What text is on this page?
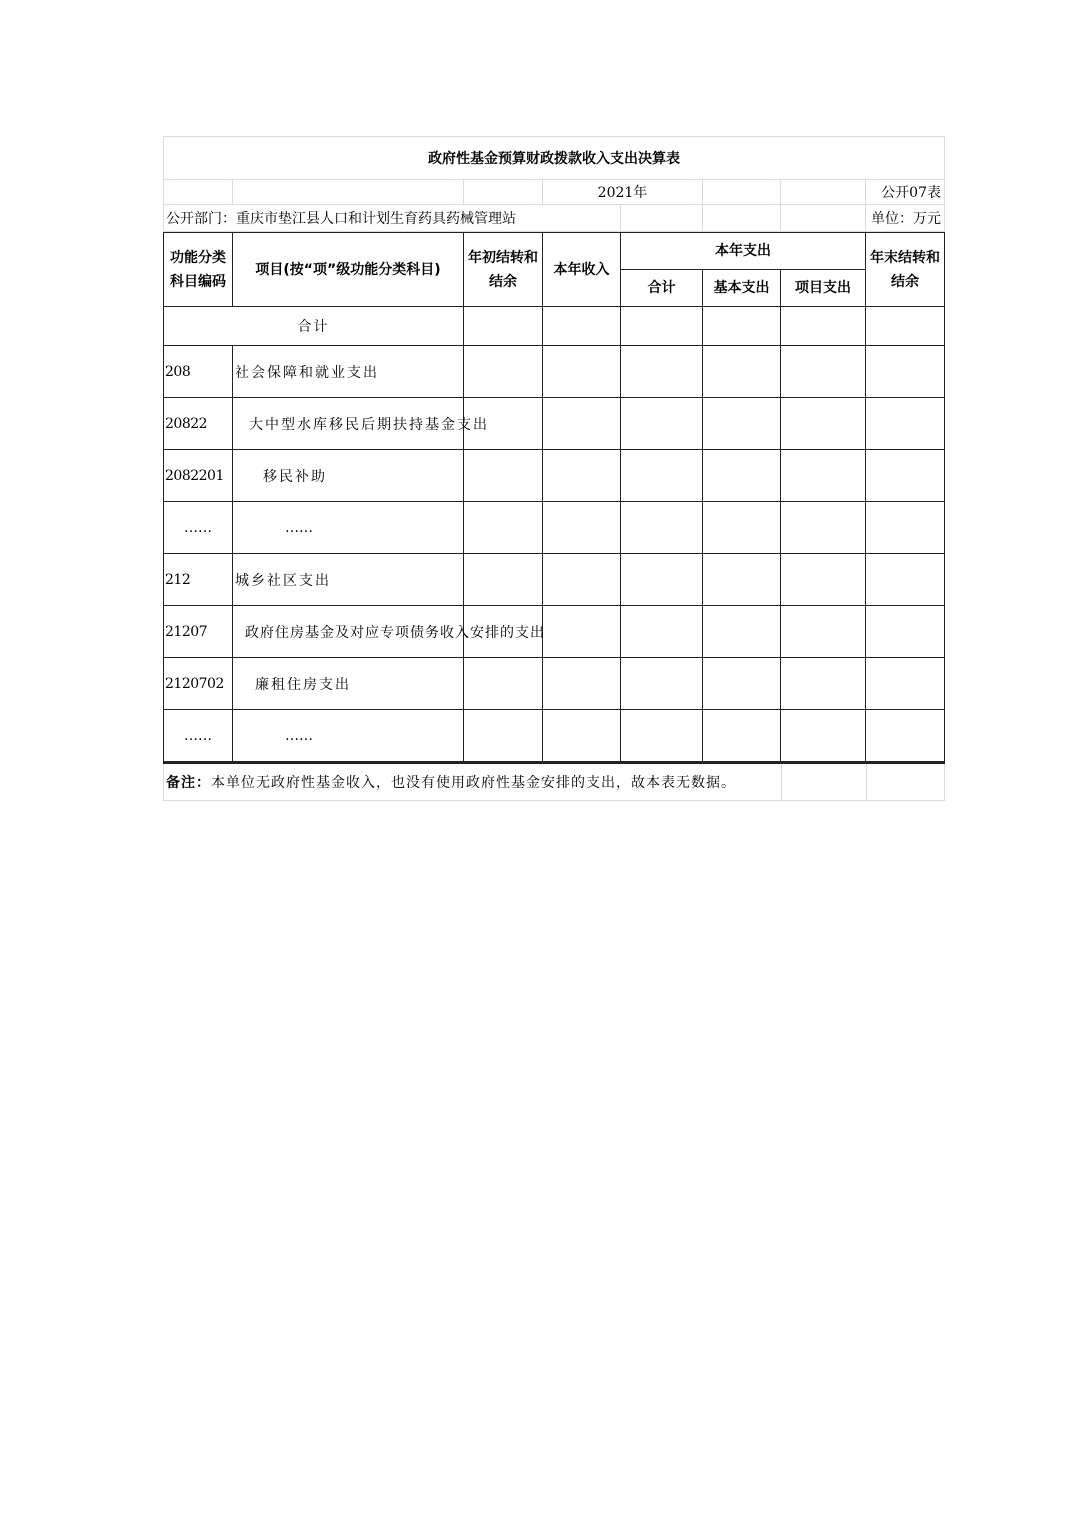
政府性基金预算财政拨款收入支出决算表							
			2021年				公开07表
公开部门：重庆市垫江县人口和计划生育药具药械管理站							单位：万元
功能分类科目编码	项目(按“项”级功能分类科目)	年初结转和结余	本年收入	本年支出			年末结转和结余
				合计	基本支出	项目支出	
合计							
208	社会保障和就业支出						
20822	大中型水库移民后期扶持基金支出						
2082201	移民补助						
……	……						
212	城乡社区支出						
21207	政府住房基金及对应专项债务收入安排的支出						
2120702	廉租住房支出						
……	……						
备注：本单位无政府性基金收入，也没有使用政府性基金安排的支出，故本表无数据。		
